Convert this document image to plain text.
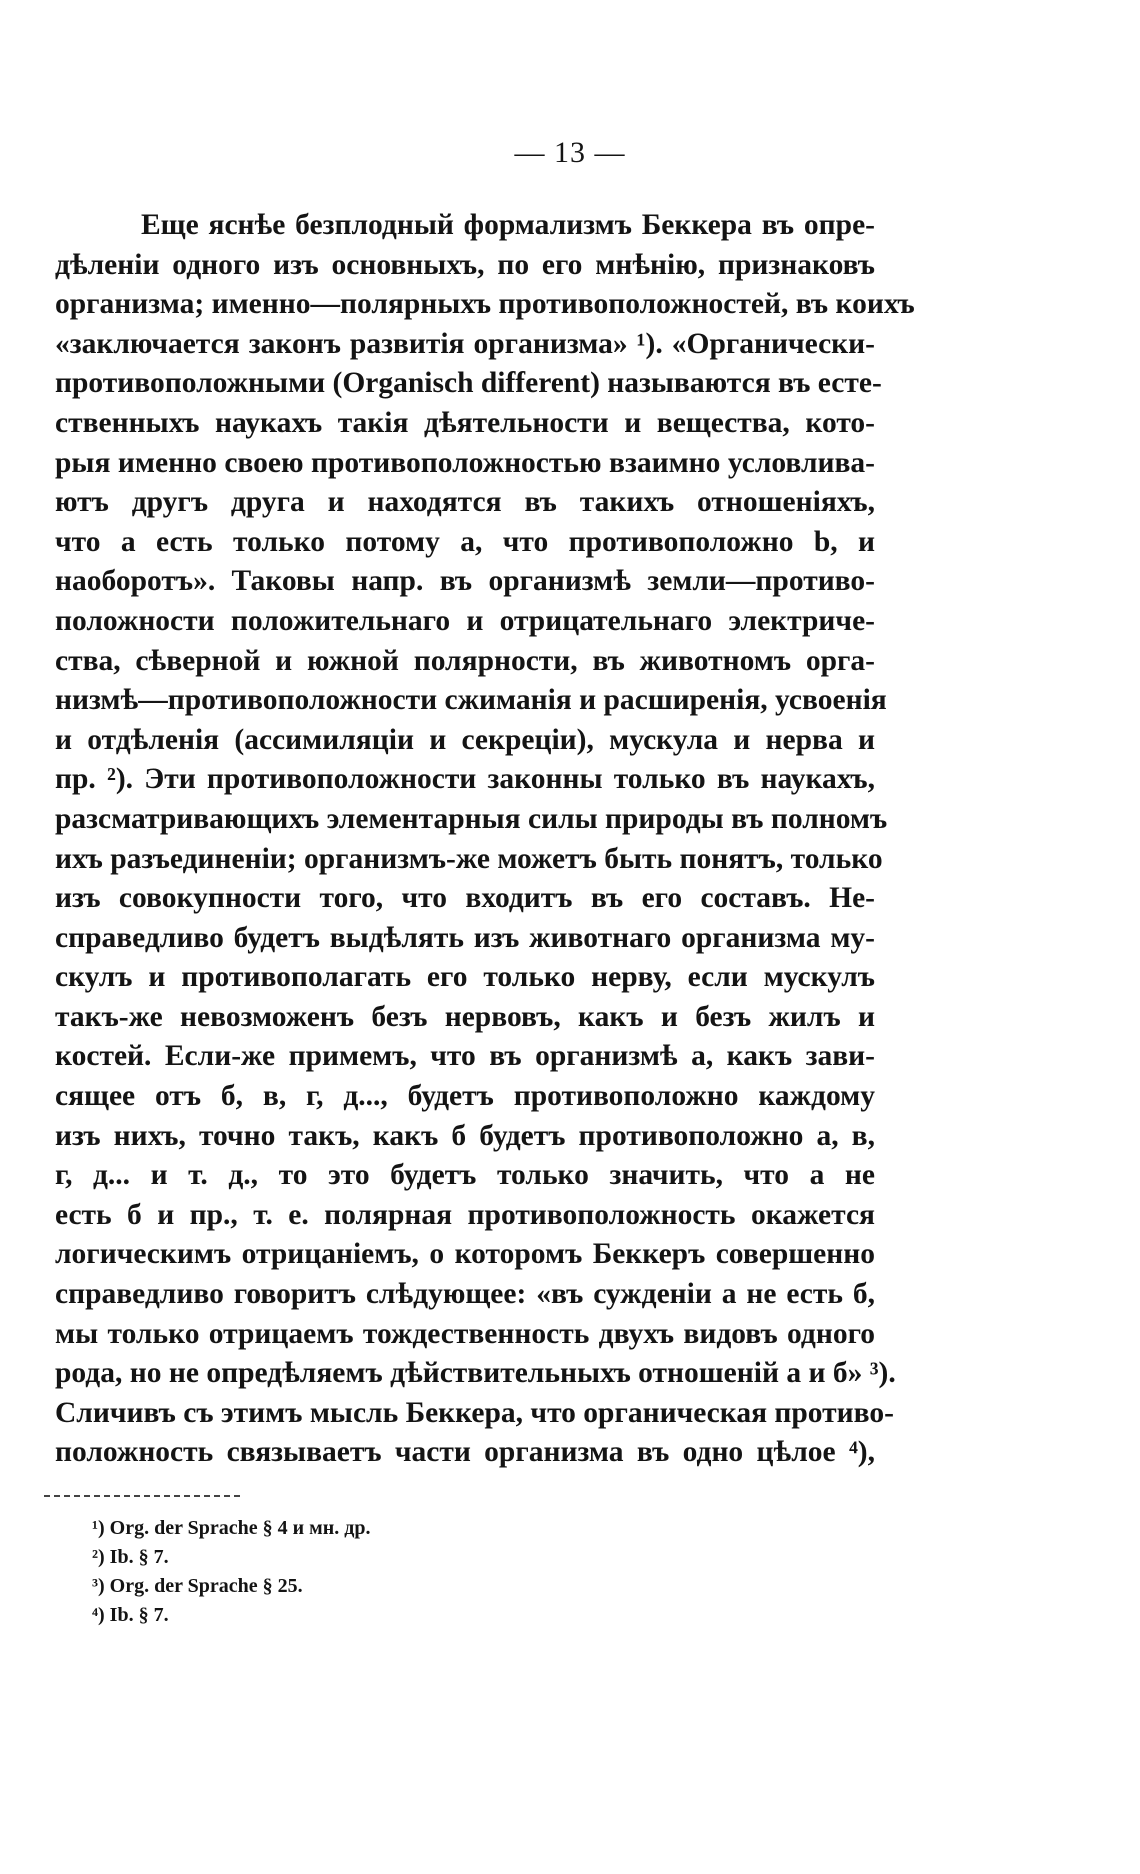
— 13 —
Еще яснѣе безплодный формализмъ Беккера въ опре-
дѣленіи одного изъ основныхъ, по его мнѣнію, признаковъ
организма; именно—полярныхъ противоположностей, въ коихъ
«заключается законъ развитія организма» ¹). «Органически-
противоположными (Organisch different) называются въ есте-
ственныхъ наукахъ такія дѣятельности и вещества, кото-
рыя именно своею противоположностью взаимно условлива-
ютъ другъ друга и находятся въ такихъ отношеніяхъ,
что a есть только потому a, что противоположно b, и
наоборотъ». Таковы напр. въ организмѣ земли—противо-
положности положительнаго и отрицательнаго электриче-
ства, сѣверной и южной полярности, въ животномъ орга-
низмѣ—противоположности сжиманія и расширенія, усвоенія
и отдѣленія (ассимиляціи и секреціи), мускула и нерва и
пр. ²). Эти противоположности законны только въ наукахъ,
разсматривающихъ элементарныя силы природы въ полномъ
ихъ разъединеніи; организмъ-же можетъ быть понятъ, только
изъ совокупности того, что входитъ въ его составъ. Не-
справедливо будетъ выдѣлять изъ животнаго организма му-
скулъ и противополагать его только нерву, если мускулъ
такъ-же невозможенъ безъ нервовъ, какъ и безъ жилъ и
костей. Если-же примемъ, что въ организмѣ а, какъ зави-
сящее отъ б, в, г, д..., будетъ противоположно каждому
изъ нихъ, точно такъ, какъ б будетъ противоположно а, в,
г, д... и т. д., то это будетъ только значить, что а не
есть б и пр., т. е. полярная противоположность окажется
логическимъ отрицаніемъ, о которомъ Беккеръ совершенно
справедливо говоритъ слѣдующее: «въ сужденіи а не есть б,
мы только отрицаемъ тождественность двухъ видовъ одного
рода, но не опредѣляемъ дѣйствительныхъ отношеній а и б» ³).
Сличивъ съ этимъ мысль Беккера, что органическая противо-
положность связываетъ части организма въ одно цѣлое ⁴),
¹) Org. der Sprache § 4 и мн. др.
²) Ib. § 7.
³) Org. der Sprache § 25.
⁴) Ib. § 7.
